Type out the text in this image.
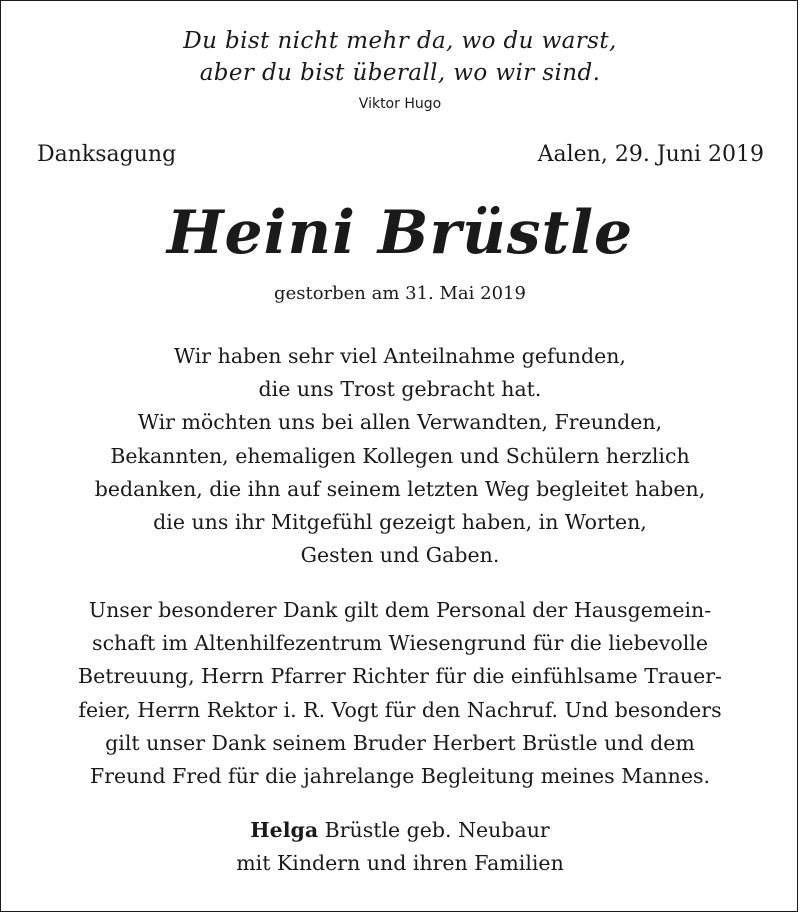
Du bist nicht mehr da, wo du warst,
aber du bist überall, wo wir sind.
Viktor Hugo
Danksagung	Aalen, 29. Juni 2019
Heini Brüstle
gestorben am 31. Mai 2019
Wir haben sehr viel Anteilnahme gefunden,
die uns Trost gebracht hat.
Wir möchten uns bei allen Verwandten, Freunden,
Bekannten, ehemaligen Kollegen und Schülern herzlich
bedanken, die ihn auf seinem letzten Weg begleitet haben,
die uns ihr Mitgefühl gezeigt haben, in Worten,
Gesten und Gaben.
Unser besonderer Dank gilt dem Personal der Hausgemein-
schaft im Altenhilfezentrum Wiesengrund für die liebevolle
Betreuung, Herrn Pfarrer Richter für die einfühlsame Trauer-
feier, Herrn Rektor i. R. Vogt für den Nachruf. Und besonders
gilt unser Dank seinem Bruder Herbert Brüstle und dem
Freund Fred für die jahrelange Begleitung meines Mannes.
Helga Brüstle geb. Neubaur
mit Kindern und ihren Familien
